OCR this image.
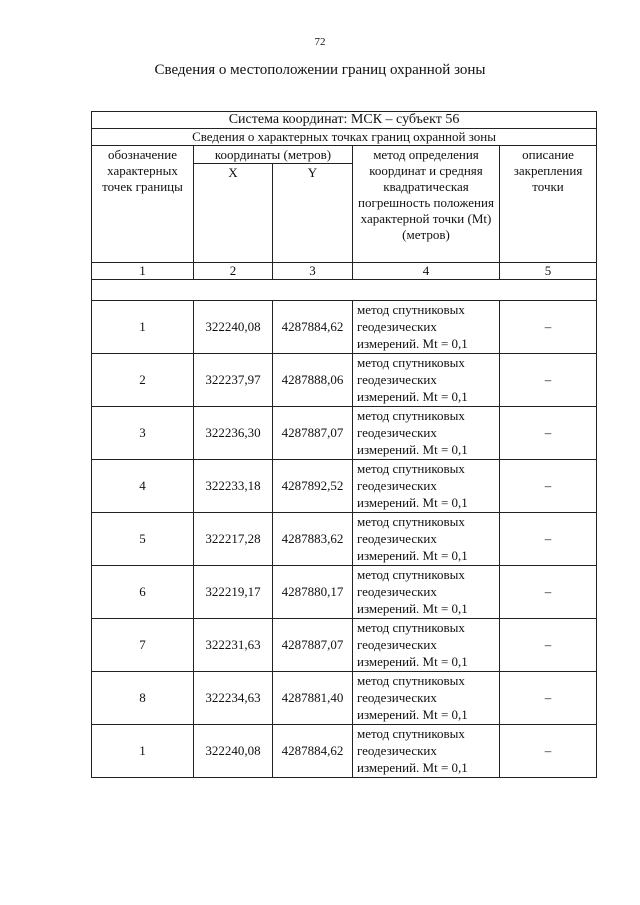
72
Сведения о местоположении границ охранной зоны
Система координат: МСК – субъект 56				
Сведения о характерных точках границ охранной зоны				
обозначение характерных точек границы	координаты (метров)		метод определения координат и средняя квадратическая погрешность положения характерной точки (Mt) (метров)	описание закрепления точки
	X	Y		
1	2	3	4	5

1	322240,08	4287884,62	метод спутниковых геодезических измерений. Mt = 0,1	–
2	322237,97	4287888,06	метод спутниковых геодезических измерений. Mt = 0,1	–
3	322236,30	4287887,07	метод спутниковых геодезических измерений. Mt = 0,1	–
4	322233,18	4287892,52	метод спутниковых геодезических измерений. Mt = 0,1	–
5	322217,28	4287883,62	метод спутниковых геодезических измерений. Mt = 0,1	–
6	322219,17	4287880,17	метод спутниковых геодезических измерений. Mt = 0,1	–
7	322231,63	4287887,07	метод спутниковых геодезических измерений. Mt = 0,1	–
8	322234,63	4287881,40	метод спутниковых геодезических измерений. Mt = 0,1	–
1	322240,08	4287884,62	метод спутниковых геодезических измерений. Mt = 0,1	–
